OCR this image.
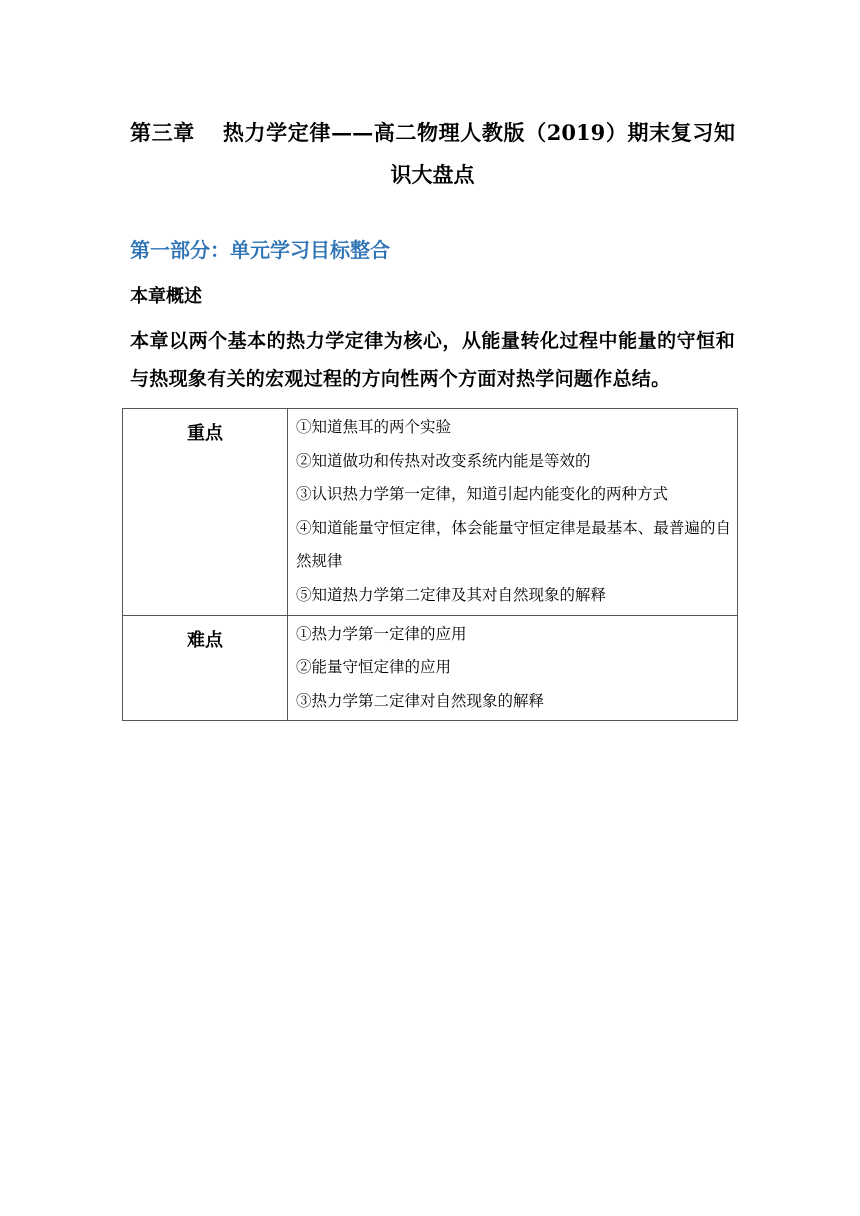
第三章 热力学定律——高二物理人教版（2019）期末复习知
识大盘点
第一部分：单元学习目标整合
本章概述

本章以两个基本的热力学定律为核心，从能量转化过程中能量的守恒和与热现象有关的宏观过程的方向性两个方面对热学问题作总结。

重点	①知道焦耳的两个实验
②知道做功和传热对改变系统内能是等效的
③认识热力学第一定律，知道引起内能变化的两种方式
④知道能量守恒定律，体会能量守恒定律是最基本、最普遍的自然规律
⑤知道热力学第二定律及其对自然现象的解释

难点	①热力学第一定律的应用
②能量守恒定律的应用
③热力学第二定律对自然现象的解释
